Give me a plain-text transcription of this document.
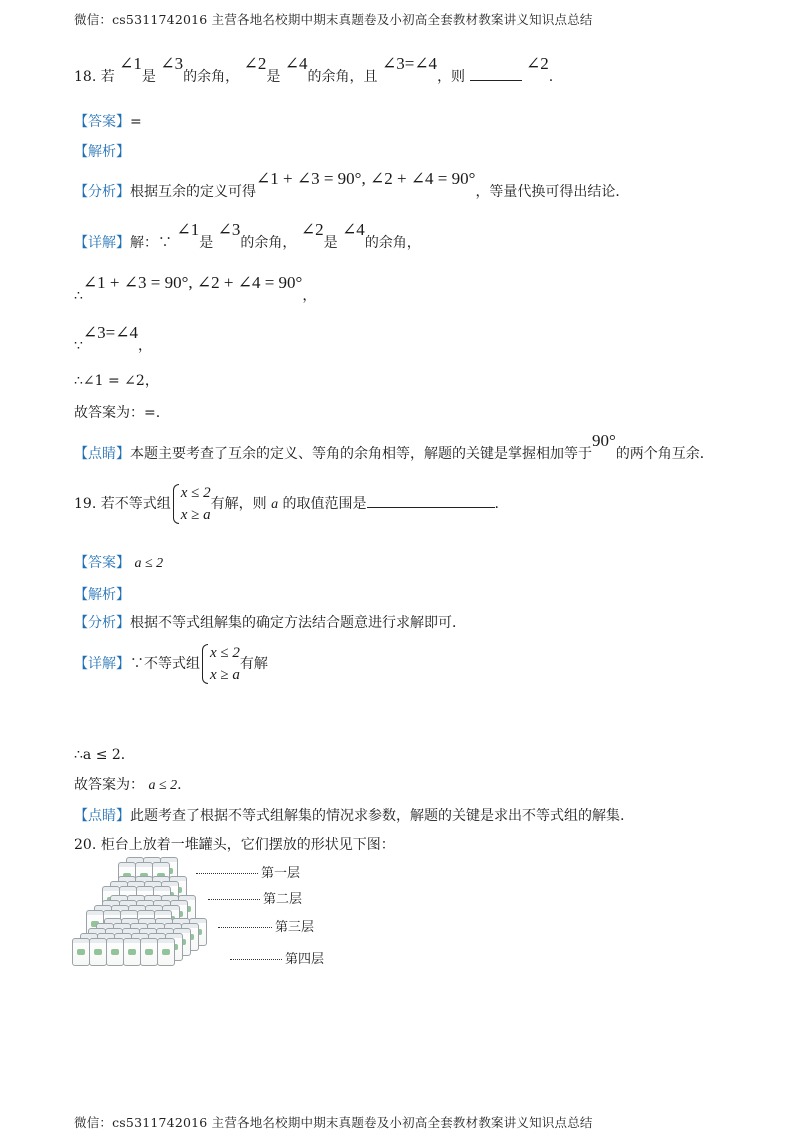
微信：cs5311742016 主营各地名校期中期末真题卷及小初高全套教材教案讲义知识点总结
18. 若 ∠1是 ∠3的余角， ∠2是 ∠4的余角，且 ∠3=∠4，则  ∠2.
【答案】=
【解析】
【分析】根据互余的定义可得∠1 + ∠3 = 90°, ∠2 + ∠4 = 90°，等量代换可得出结论．
【详解】解：∵ ∠1是 ∠3的余角， ∠2是 ∠4的余角，
∴∠1 + ∠3 = 90°, ∠2 + ∠4 = 90°，
∵∠3=∠4，
∴∠1 = ∠2，
故答案为：=.
【点睛】本题主要考查了互余的定义、等角的余角相等，解题的关键是掌握相加等于90°的两个角互余．
19. 若不等式组
x ≤ 2
x ≥ a
有解，则 a 的取值范围是	.
【答案】 a ≤ 2
【解析】
【分析】根据不等式组解集的确定方法结合题意进行求解即可．
【详解】∵不等式组
x ≤ 2
x ≥ a
有解
∴a ≤ 2．
故答案为： a ≤ 2.
【点睛】此题考查了根据不等式组解集的情况求参数，解题的关键是求出不等式组的解集.
20. 柜台上放着一堆罐头，它们摆放的形状见下图：
第一层
第二层
第三层
第四层
微信：cs5311742016 主营各地名校期中期末真题卷及小初高全套教材教案讲义知识点总结
